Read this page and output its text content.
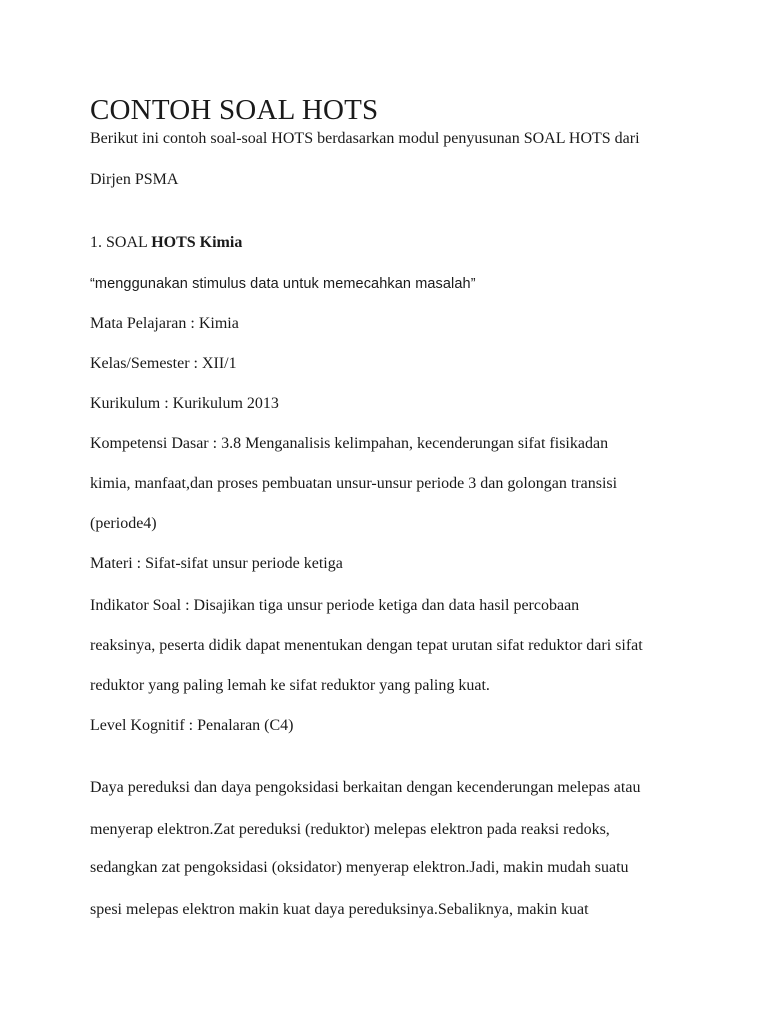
CONTOH SOAL HOTS

Berikut ini contoh soal-soal HOTS berdasarkan modul penyusunan SOAL HOTS dari

Dirjen PSMA

1. SOAL HOTS Kimia

“menggunakan stimulus data untuk memecahkan masalah”

Mata Pelajaran : Kimia

Kelas/Semester : XII/1

Kurikulum : Kurikulum 2013

Kompetensi Dasar : 3.8 Menganalisis kelimpahan, kecenderungan sifat fisikadan

kimia, manfaat,dan proses pembuatan unsur-unsur periode 3 dan golongan transisi

(periode4)

Materi : Sifat-sifat unsur periode ketiga

Indikator Soal : Disajikan tiga unsur periode ketiga dan data hasil percobaan

reaksinya, peserta didik dapat menentukan dengan tepat urutan sifat reduktor dari sifat

reduktor yang paling lemah ke sifat reduktor yang paling kuat.

Level Kognitif : Penalaran (C4)

Daya pereduksi dan daya pengoksidasi berkaitan dengan kecenderungan melepas atau

menyerap elektron.Zat pereduksi (reduktor) melepas elektron pada reaksi redoks,

sedangkan zat pengoksidasi (oksidator) menyerap elektron.Jadi, makin mudah suatu

spesi melepas elektron makin kuat daya pereduksinya.Sebaliknya, makin kuat
